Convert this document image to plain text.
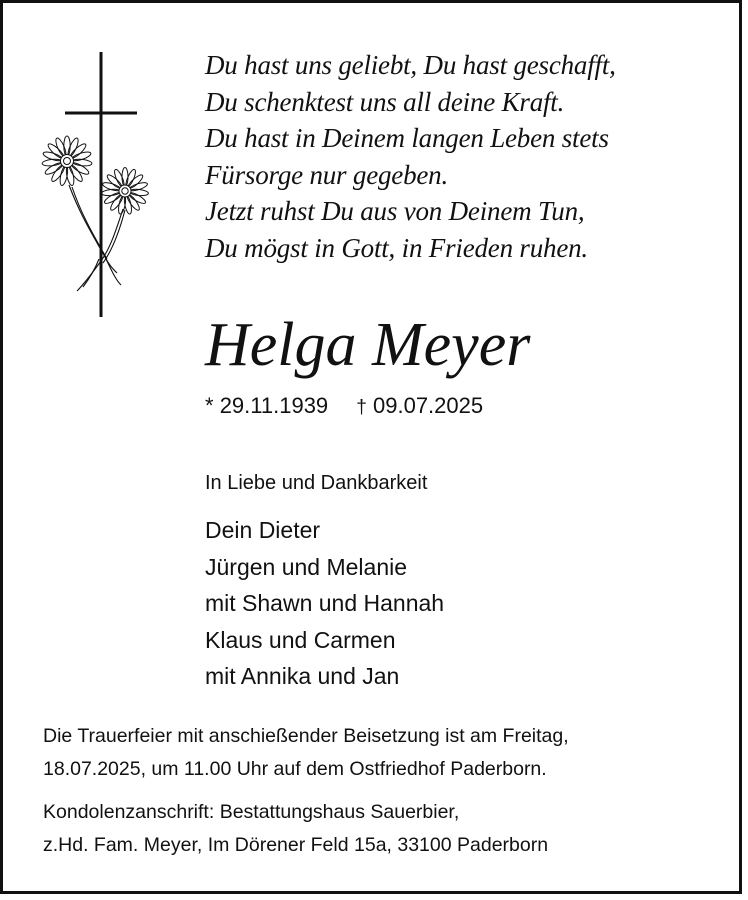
Du hast uns geliebt, Du hast geschafft,
Du schenktest uns all deine Kraft.
Du hast in Deinem langen Leben stets
Fürsorge nur gegeben.
Jetzt ruhst Du aus von Deinem Tun,
Du mögst in Gott, in Frieden ruhen.
Helga Meyer
* 29.11.1939 † 09.07.2025
In Liebe und Dankbarkeit
Dein Dieter
Jürgen und Melanie
mit Shawn und Hannah
Klaus und Carmen
mit Annika und Jan
Die Trauerfeier mit anschießender Beisetzung ist am Freitag,
18.07.2025, um 11.00 Uhr auf dem Ostfriedhof Paderborn.
Kondolenzanschrift: Bestattungshaus Sauerbier,
z.Hd. Fam. Meyer, Im Dörener Feld 15a, 33100 Paderborn
